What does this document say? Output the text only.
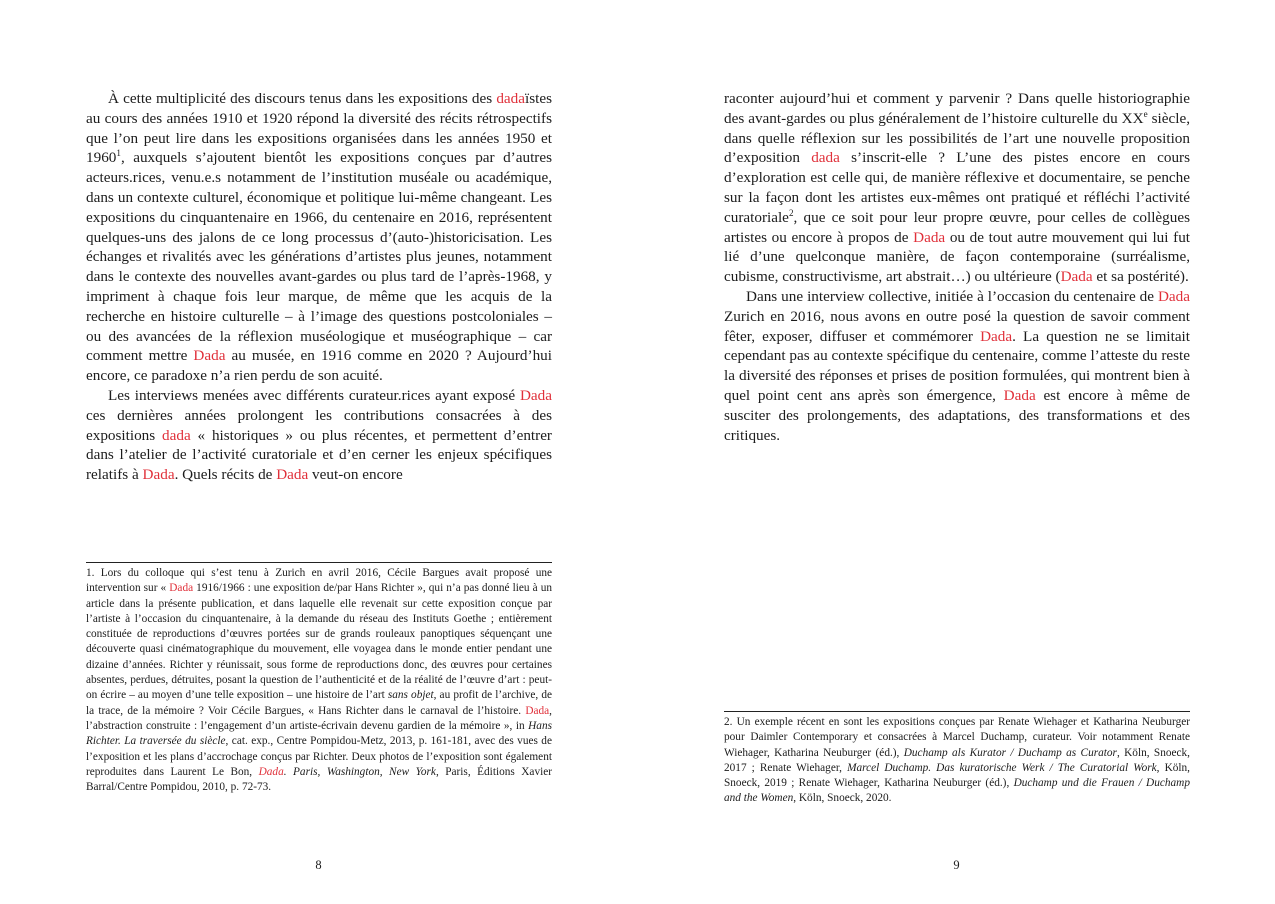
À cette multiplicité des discours tenus dans les expositions des dadaïstes au cours des années 1910 et 1920 répond la diversité des récits rétrospectifs que l’on peut lire dans les expositions organisées dans les années 1950 et 1960$^1$, auxquels s’ajoutent bientôt les expositions conçues par d’autres acteurs.rices, venu.e.s notamment de l’institution muséale ou académique, dans un contexte culturel, économique et politique lui-même changeant. Les expositions du cinquantenaire en 1966, du centenaire en 2016, représentent quelques-uns des jalons de ce long processus d’(auto-)historicisation. Les échanges et rivalités avec les générations d’artistes plus jeunes, notamment dans le contexte des nouvelles avant-gardes ou plus tard de l’après-1968, y impriment à chaque fois leur marque, de même que les acquis de la recherche en histoire culturelle – à l’image des questions postcoloniales – ou des avancées de la réflexion muséologique et muséographique – car comment mettre Dada au musée, en 1916 comme en 2020 ? Aujourd’hui encore, ce paradoxe n’a rien perdu de son acuité.

Les interviews menées avec différents curateur.rices ayant exposé Dada ces dernières années prolongent les contributions consacrées à des expositions dada « historiques » ou plus récentes, et permettent d’entrer dans l’atelier de l’activité curatoriale et d’en cerner les enjeux spécifiques relatifs à Dada. Quels récits de Dada veut-on encore

1. Lors du colloque qui s’est tenu à Zurich en avril 2016, Cécile Bargues avait proposé une intervention sur « Dada 1916/1966 : une exposition de/par Hans Richter », qui n’a pas donné lieu à un article dans la présente publication, et dans laquelle elle revenait sur cette exposition conçue par l’artiste à l’occasion du cinquantenaire, à la demande du réseau des Instituts Goethe ; entièrement constituée de reproductions d’œuvres portées sur de grands rouleaux panoptiques séquençant une découverte quasi cinématographique du mouvement, elle voyagea dans le monde entier pendant une dizaine d’années. Richter y réunissait, sous forme de reproductions donc, des œuvres pour certaines absentes, perdues, détruites, posant la question de l’authenticité et de la réalité de l’œuvre d’art : peut-on écrire – au moyen d’une telle exposition – une histoire de l’art sans objet, au profit de l’archive, de la trace, de la mémoire ? Voir Cécile Bargues, « Hans Richter dans le carnaval de l’histoire. Dada, l’abstraction construite : l’engagement d’un artiste-écrivain devenu gardien de la mémoire », in Hans Richter. La traversée du siècle, cat. exp., Centre Pompidou-Metz, 2013, p. 161-181, avec des vues de l’exposition et les plans d’accrochage conçus par Richter. Deux photos de l’exposition sont également reproduites dans Laurent Le Bon, Dada. Paris, Washington, New York, Paris, Éditions Xavier Barral/Centre Pompidou, 2010, p. 72-73.

8

raconter aujourd’hui et comment y parvenir ? Dans quelle historiographie des avant-gardes ou plus généralement de l’histoire culturelle du XXe siècle, dans quelle réflexion sur les possibilités de l’art une nouvelle proposition d’exposition dada s’inscrit-elle ? L’une des pistes encore en cours d’exploration est celle qui, de manière réflexive et documentaire, se penche sur la façon dont les artistes eux-mêmes ont pratiqué et réfléchi l’activité curatoriale$^2$, que ce soit pour leur propre œuvre, pour celles de collègues artistes ou encore à propos de Dada ou de tout autre mouvement qui lui fut lié d’une quelconque manière, de façon contemporaine (surréalisme, cubisme, constructivisme, art abstrait…) ou ultérieure (Dada et sa postérité).

Dans une interview collective, initiée à l’occasion du centenaire de Dada Zurich en 2016, nous avons en outre posé la question de savoir comment fêter, exposer, diffuser et commémorer Dada. La question ne se limitait cependant pas au contexte spécifique du centenaire, comme l’atteste du reste la diversité des réponses et prises de position formulées, qui montrent bien à quel point cent ans après son émergence, Dada est encore à même de susciter des prolongements, des adaptations, des transformations et des critiques.

2. Un exemple récent en sont les expositions conçues par Renate Wiehager et Katharina Neuburger pour Daimler Contemporary et consacrées à Marcel Duchamp, curateur. Voir notamment Renate Wiehager, Katharina Neuburger (éd.), Duchamp als Kurator / Duchamp as Curator, Köln, Snoeck, 2017 ; Renate Wiehager, Marcel Duchamp. Das kuratorische Werk / The Curatorial Work, Köln, Snoeck, 2019 ; Renate Wiehager, Katharina Neuburger (éd.), Duchamp und die Frauen / Duchamp and the Women, Köln, Snoeck, 2020.

9
